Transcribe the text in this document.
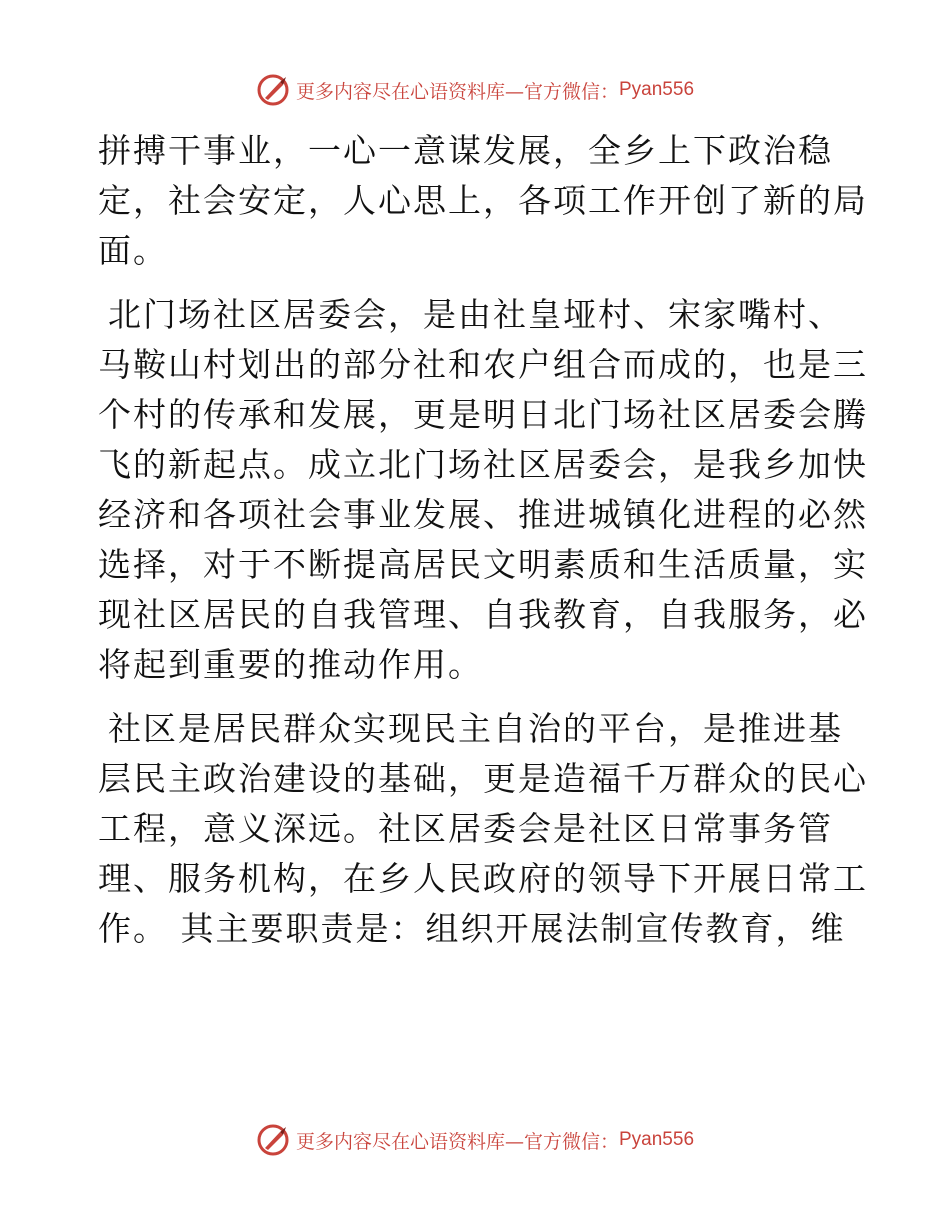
更多内容尽在心语资料库 —官方微信： Pyan556
拼搏干事业，一心一意谋发展，全乡上下政治稳
定，社会安定，人心思上，各项工作开创了新的局
面。
北门场社区居委会，是由社皇垭村、宋家嘴村、
马鞍山村划出的部分社和农户组合而成的，也是三
个村的传承和发展，更是明日北门场社区居委会腾
飞的新起点。成立北门场社区居委会，是我乡加快
经济和各项社会事业发展、推进城镇化进程的必然
选择，对于不断提高居民文明素质和生活质量，实
现社区居民的自我管理、自我教育，自我服务，必
将起到重要的推动作用。
社区是居民群众实现民主自治的平台，是推进基
层民主政治建设的基础，更是造福千万群众的民心
工程，意义深远。社区居委会是社区日常事务管
理、服务机构，在乡人民政府的领导下开展日常工
作。 其主要职责是：组织开展法制宣传教育，维
更多内容尽在心语资料库 —官方微信： Pyan556
